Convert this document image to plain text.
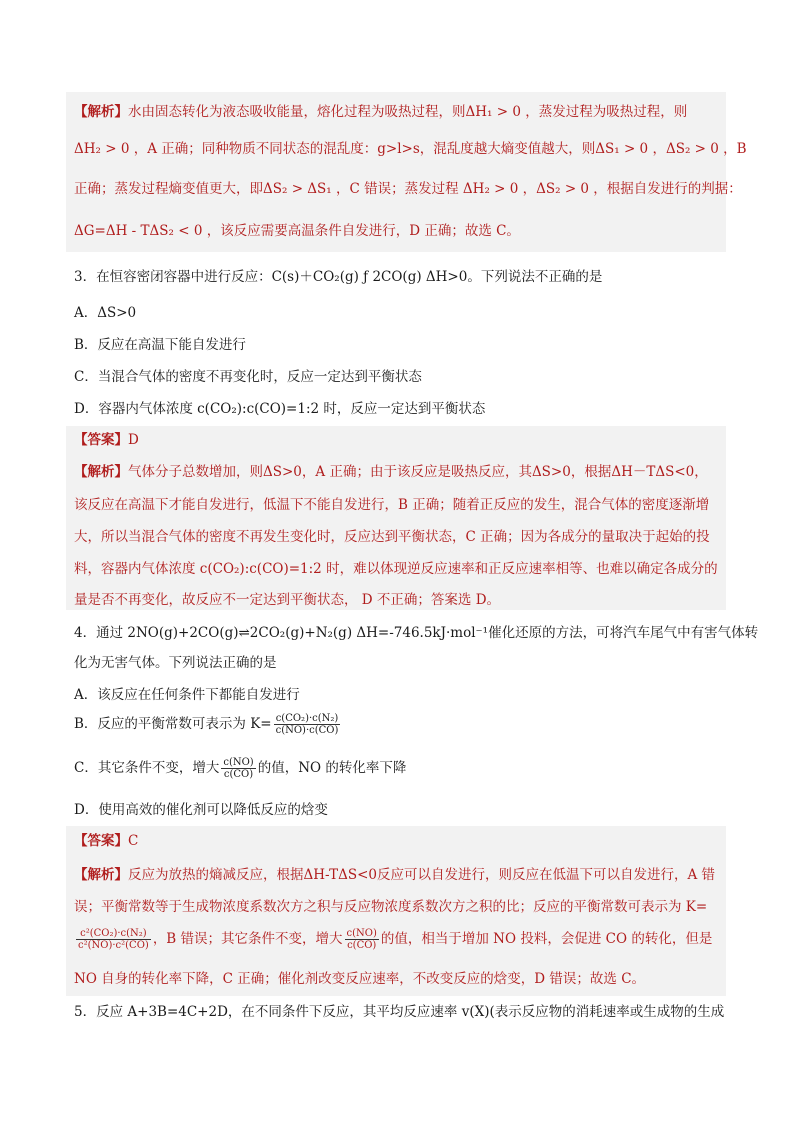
【解析】水由固态转化为液态吸收能量，熔化过程为吸热过程，则ΔH₁ > 0 ，蒸发过程为吸热过程，则
ΔH₂ > 0 ，A 正确；同种物质不同状态的混乱度：g>l>s，混乱度越大熵变值越大，则ΔS₁ > 0 ，ΔS₂ > 0 ，B
正确；蒸发过程熵变值更大，即ΔS₂ > ΔS₁ ，C 错误；蒸发过程 ΔH₂ > 0 ，ΔS₂ > 0 ，根据自发进行的判据：
ΔG=ΔH - TΔS₂ < 0 ，该反应需要高温条件自发进行，D 正确；故选 C。
3．在恒容密闭容器中进行反应：C(s)＋CO₂(g) ƒ 2CO(g) ΔH>0。下列说法不正确的是
A．ΔS>0
B．反应在高温下能自发进行
C．当混合气体的密度不再变化时，反应一定达到平衡状态
D．容器内气体浓度 c(CO₂):c(CO)=1:2 时，反应一定达到平衡状态
【答案】D
【解析】气体分子总数增加，则ΔS>0，A 正确；由于该反应是吸热反应，其ΔS>0，根据ΔH－TΔS<0，
该反应在高温下才能自发进行，低温下不能自发进行，B 正确；随着正反应的发生，混合气体的密度逐渐增
大，所以当混合气体的密度不再发生变化时，反应达到平衡状态，C 正确；因为各成分的量取决于起始的投
料，容器内气体浓度 c(CO₂):c(CO)=1:2 时，难以体现逆反应速率和正反应速率相等、也难以确定各成分的
量是否不再变化，故反应不一定达到平衡状态， D 不正确；答案选 D。
4．通过 2NO(g)+2CO(g)⇌2CO₂(g)+N₂(g) ΔH=-746.5kJ·mol⁻¹催化还原的方法，可将汽车尾气中有害气体转
化为无害气体。下列说法正确的是
A．该反应在任何条件下都能自发进行
B．反应的平衡常数可表示为 $K= \frac{\text{c(CO₂)·c(N₂)}}{c(NO)\cdot c(CO)}$
C．其它条件不变，增大 $\frac{c(NO)}{c(CO)}$ 的值，NO 的转化率下降
D．使用高效的催化剂可以降低反应的焓变
【答案】C
【解析】反应为放热的熵减反应，根据ΔH-TΔS<0反应可以自发进行，则反应在低温下可以自发进行，A 错
误；平衡常数等于生成物浓度系数次方之积与反应物浓度系数次方之积的比；反应的平衡常数可表示为 K=
$\frac{\text{c²(CO₂)·c(N₂)}}{\text{c²(NO)·c²(CO)}}$ ，B 错误；其它条件不变，增大 $\frac{c(NO)}{c(CO)}$ 的值，相当于增加 NO 投料，会促进 CO 的转化，但是
NO 自身的转化率下降，C 正确；催化剂改变反应速率，不改变反应的焓变，D 错误；故选 C。
5．反应 A+3B=4C+2D，在不同条件下反应，其平均反应速率 v(X)(表示反应物的消耗速率或生成物的生成
